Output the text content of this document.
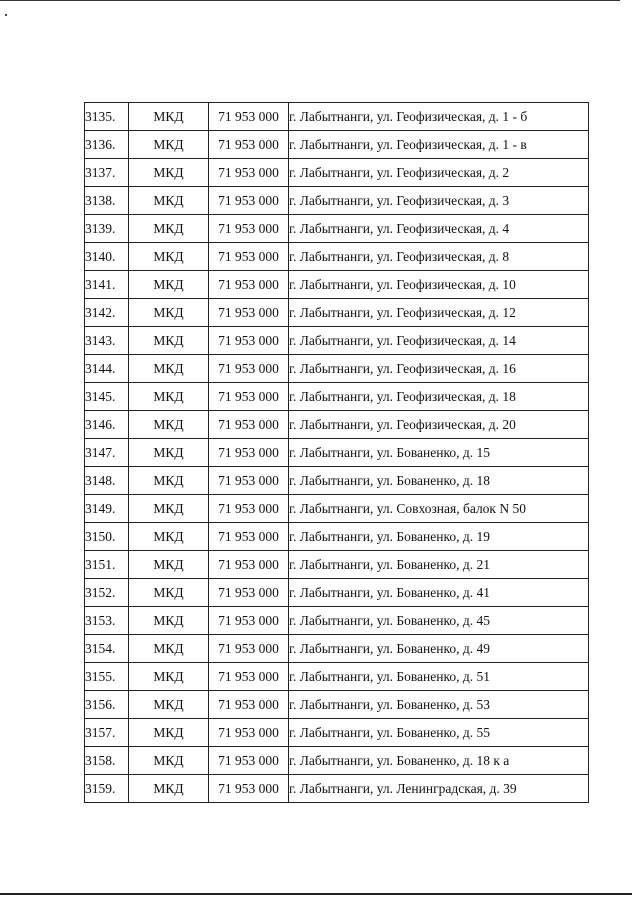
3135.	МКД	71 953 000	г. Лабытнанги, ул. Геофизическая, д. 1 - б
3136.	МКД	71 953 000	г. Лабытнанги, ул. Геофизическая, д. 1 - в
3137.	МКД	71 953 000	г. Лабытнанги, ул. Геофизическая, д. 2
3138.	МКД	71 953 000	г. Лабытнанги, ул. Геофизическая, д. 3
3139.	МКД	71 953 000	г. Лабытнанги, ул. Геофизическая, д. 4
3140.	МКД	71 953 000	г. Лабытнанги, ул. Геофизическая, д. 8
3141.	МКД	71 953 000	г. Лабытнанги, ул. Геофизическая, д. 10
3142.	МКД	71 953 000	г. Лабытнанги, ул. Геофизическая, д. 12
3143.	МКД	71 953 000	г. Лабытнанги, ул. Геофизическая, д. 14
3144.	МКД	71 953 000	г. Лабытнанги, ул. Геофизическая, д. 16
3145.	МКД	71 953 000	г. Лабытнанги, ул. Геофизическая, д. 18
3146.	МКД	71 953 000	г. Лабытнанги, ул. Геофизическая, д. 20
3147.	МКД	71 953 000	г. Лабытнанги, ул. Бованенко, д. 15
3148.	МКД	71 953 000	г. Лабытнанги, ул. Бованенко, д. 18
3149.	МКД	71 953 000	г. Лабытнанги, ул. Совхозная, балок N 50
3150.	МКД	71 953 000	г. Лабытнанги, ул. Бованенко, д. 19
3151.	МКД	71 953 000	г. Лабытнанги, ул. Бованенко, д. 21
3152.	МКД	71 953 000	г. Лабытнанги, ул. Бованенко, д. 41
3153.	МКД	71 953 000	г. Лабытнанги, ул. Бованенко, д. 45
3154.	МКД	71 953 000	г. Лабытнанги, ул. Бованенко, д. 49
3155.	МКД	71 953 000	г. Лабытнанги, ул. Бованенко, д. 51
3156.	МКД	71 953 000	г. Лабытнанги, ул. Бованенко, д. 53
3157.	МКД	71 953 000	г. Лабытнанги, ул. Бованенко, д. 55
3158.	МКД	71 953 000	г. Лабытнанги, ул. Бованенко, д. 18 к а
3159.	МКД	71 953 000	г. Лабытнанги, ул. Ленинградская, д. 39
